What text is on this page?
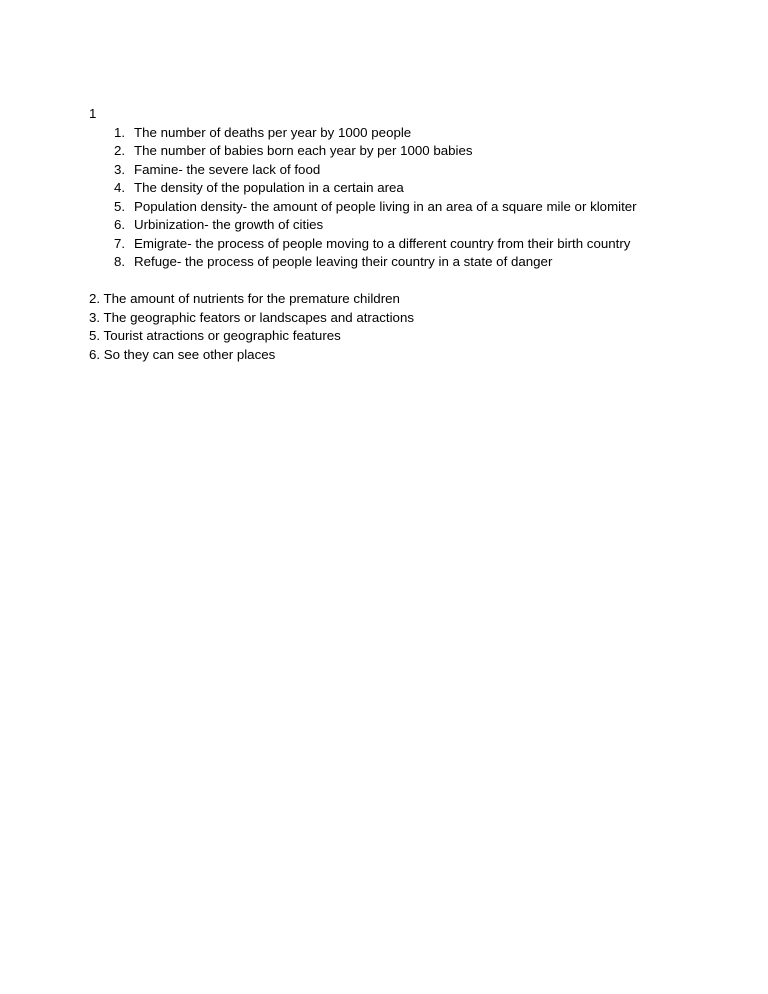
1

1. The number of deaths per year by 1000 people
2. The number of babies born each year by per 1000 babies
3. Famine- the severe lack of food
4. The density of the population in a certain area
5. Population density- the amount of people living in an area of a square mile or klomiter
6. Urbinization- the growth of cities
7. Emigrate- the process of people moving to a different country from their birth country
8. Refuge- the process of people leaving their country in a state of danger

2. The amount of nutrients for the premature children

3. The geographic feators or landscapes and atractions

5. Tourist atractions or geographic features

6. So they can see other places
